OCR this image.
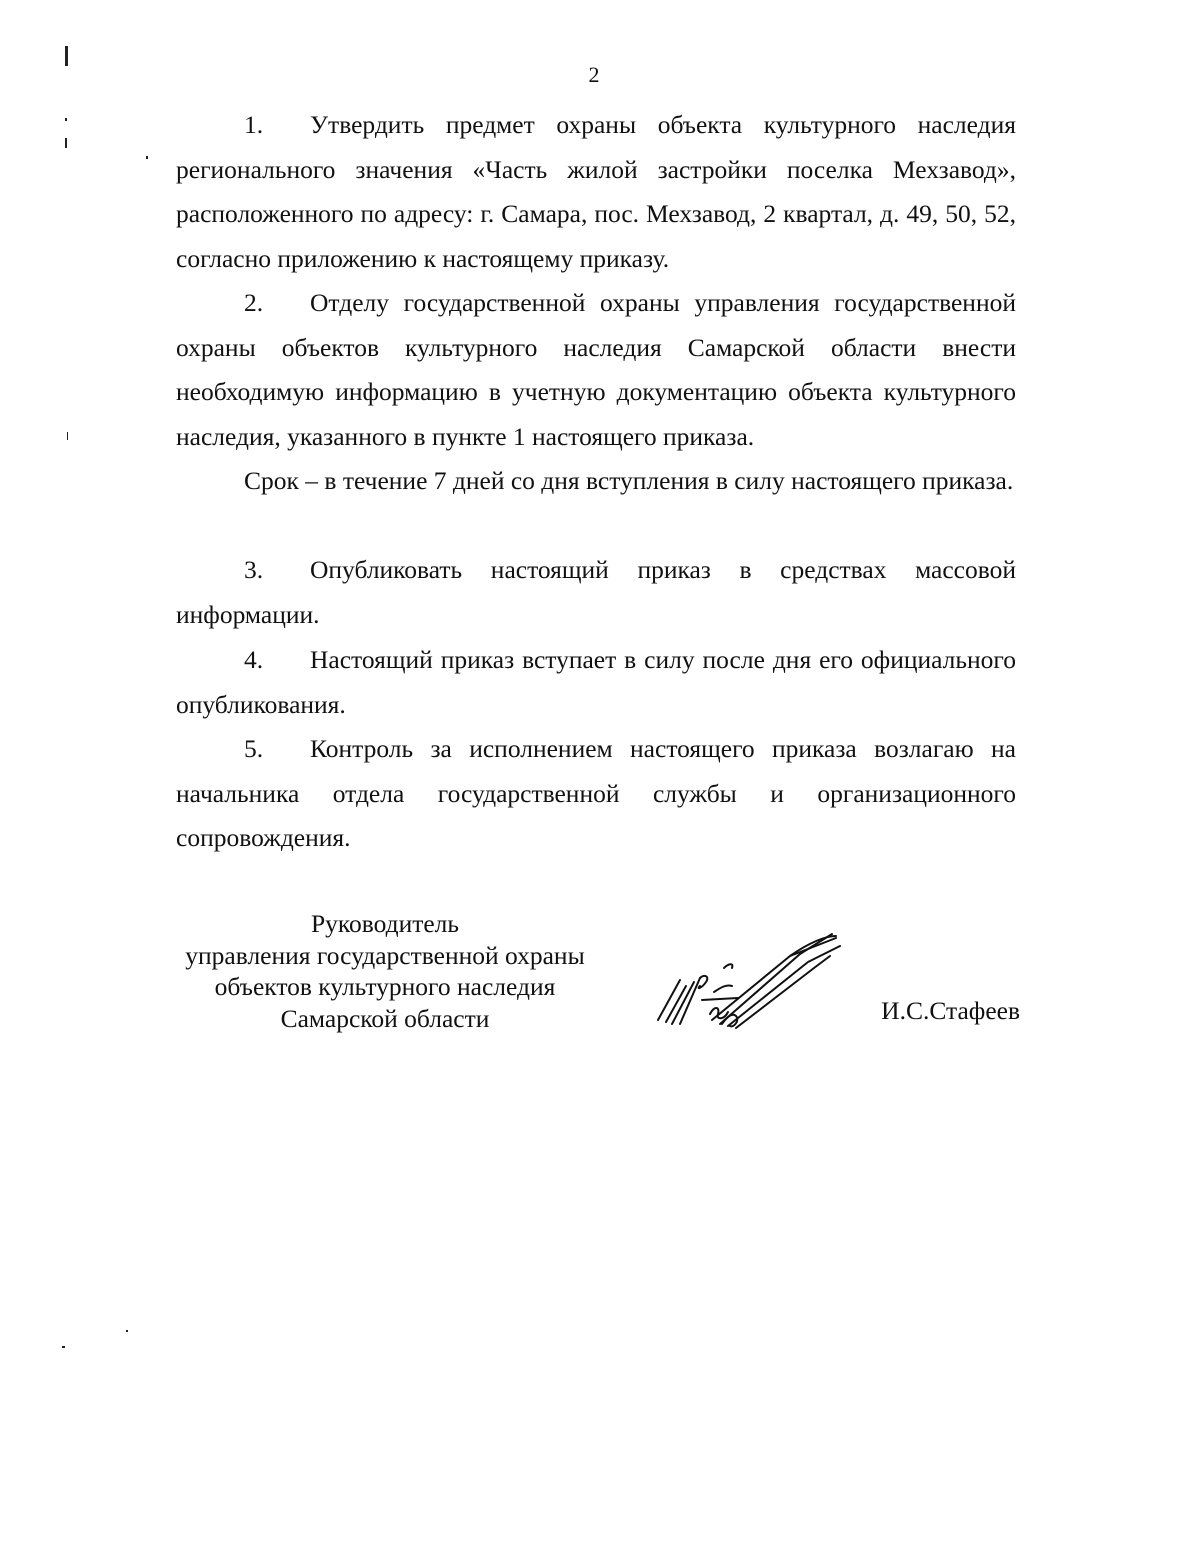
2
1. Утвердить предмет охраны объекта культурного наследия регионального значения «Часть жилой застройки поселка Мехзавод», расположенного по адресу: г. Самара, пос. Мехзавод, 2 квартал, д. 49, 50, 52, согласно приложению к настоящему приказу.
2. Отделу государственной охраны управления государственной охраны объектов культурного наследия Самарской области внести необходимую информацию в учетную документацию объекта культурного наследия, указанного в пункте 1 настоящего приказа.
Срок – в течение 7 дней со дня вступления в силу настоящего приказа.
3. Опубликовать настоящий приказ в средствах массовой информации.
4. Настоящий приказ вступает в силу после дня его официального опубликования.
5. Контроль за исполнением настоящего приказа возлагаю на начальника отдела государственной службы и организационного сопровождения.
Руководитель
управления государственной охраны
объектов культурного наследия
Самарской области	И.С.Стафеев
